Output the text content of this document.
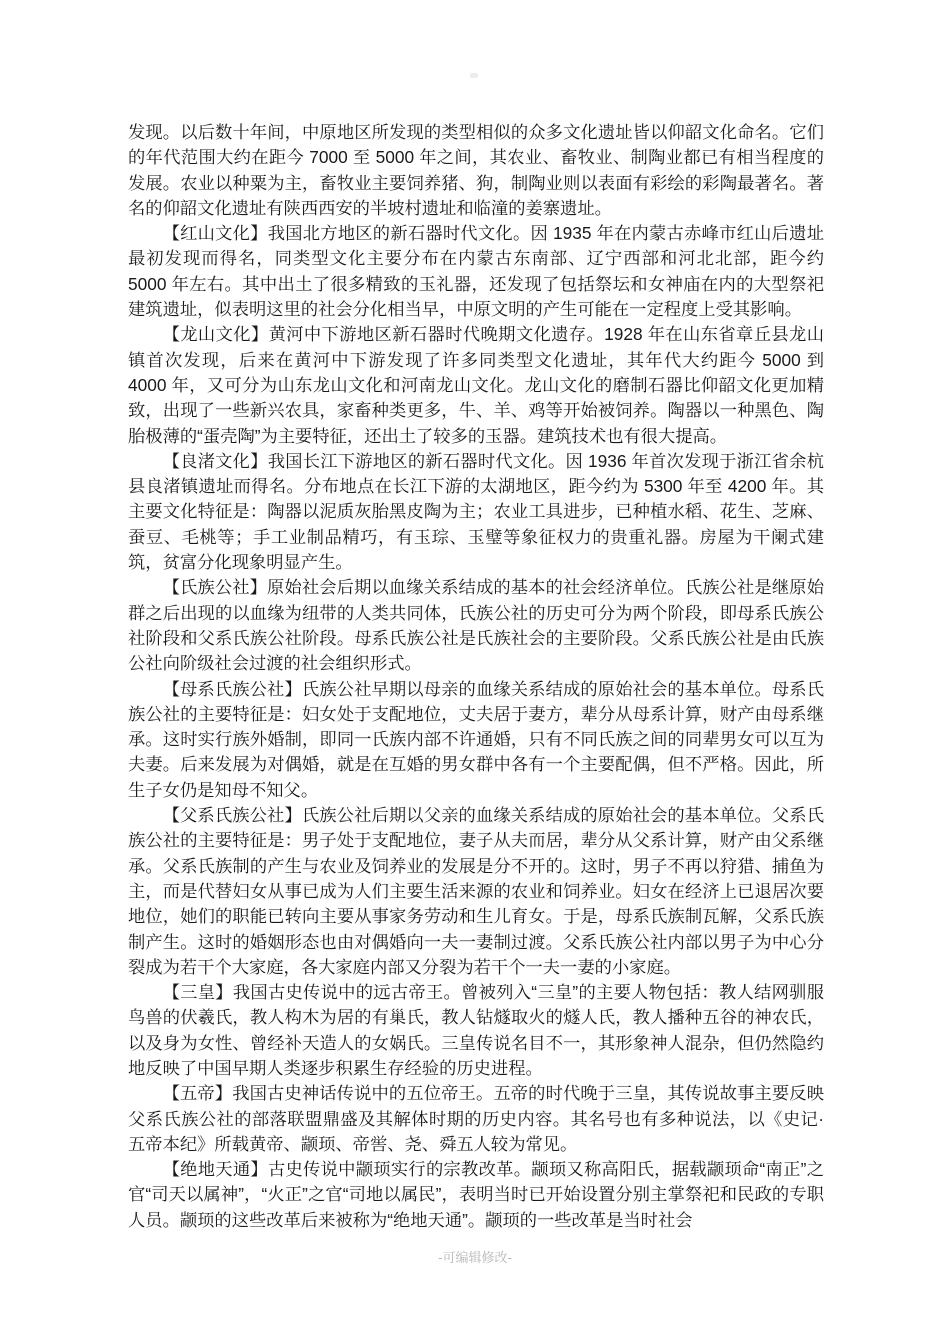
发现。以后数十年间，中原地区所发现的类型相似的众多文化遗址皆以仰韶文化命名。它们的年代范围大约在距今 7000 至 5000 年之间，其农业、畜牧业、制陶业都已有相当程度的发展。农业以种粟为主，畜牧业主要饲养猪、狗，制陶业则以表面有彩绘的彩陶最著名。著名的仰韶文化遗址有陕西西安的半坡村遗址和临潼的姜寨遗址。

【红山文化】我国北方地区的新石器时代文化。因 1935 年在内蒙古赤峰市红山后遗址最初发现而得名，同类型文化主要分布在内蒙古东南部、辽宁西部和河北北部，距今约 5000 年左右。其中出土了很多精致的玉礼器，还发现了包括祭坛和女神庙在内的大型祭祀建筑遗址，似表明这里的社会分化相当早，中原文明的产生可能在一定程度上受其影响。

【龙山文化】黄河中下游地区新石器时代晚期文化遗存。1928 年在山东省章丘县龙山镇首次发现，后来在黄河中下游发现了许多同类型文化遗址，其年代大约距今 5000 到 4000 年，又可分为山东龙山文化和河南龙山文化。龙山文化的磨制石器比仰韶文化更加精致，出现了一些新兴农具，家畜种类更多，牛、羊、鸡等开始被饲养。陶器以一种黑色、陶胎极薄的“蛋壳陶”为主要特征，还出土了较多的玉器。建筑技术也有很大提高。

【良渚文化】我国长江下游地区的新石器时代文化。因 1936 年首次发现于浙江省余杭县良渚镇遗址而得名。分布地点在长江下游的太湖地区，距今约为 5300 年至 4200 年。其主要文化特征是：陶器以泥质灰胎黑皮陶为主；农业工具进步，已种植水稻、花生、芝麻、蚕豆、毛桃等；手工业制品精巧，有玉琮、玉璧等象征权力的贵重礼器。房屋为干阑式建筑，贫富分化现象明显产生。

【氏族公社】原始社会后期以血缘关系结成的基本的社会经济单位。氏族公社是继原始群之后出现的以血缘为纽带的人类共同体，氏族公社的历史可分为两个阶段，即母系氏族公社阶段和父系氏族公社阶段。母系氏族公社是氏族社会的主要阶段。父系氏族公社是由氏族公社向阶级社会过渡的社会组织形式。

【母系氏族公社】氏族公社早期以母亲的血缘关系结成的原始社会的基本单位。母系氏族公社的主要特征是：妇女处于支配地位，丈夫居于妻方，辈分从母系计算，财产由母系继承。这时实行族外婚制，即同一氏族内部不许通婚，只有不同氏族之间的同辈男女可以互为夫妻。后来发展为对偶婚，就是在互婚的男女群中各有一个主要配偶，但不严格。因此，所生子女仍是知母不知父。

【父系氏族公社】氏族公社后期以父亲的血缘关系结成的原始社会的基本单位。父系氏族公社的主要特征是：男子处于支配地位，妻子从夫而居，辈分从父系计算，财产由父系继承。父系氏族制的产生与农业及饲养业的发展是分不开的。这时，男子不再以狩猎、捕鱼为主，而是代替妇女从事已成为人们主要生活来源的农业和饲养业。妇女在经济上已退居次要地位，她们的职能已转向主要从事家务劳动和生儿育女。于是，母系氏族制瓦解，父系氏族制产生。这时的婚姻形态也由对偶婚向一夫一妻制过渡。父系氏族公社内部以男子为中心分裂成为若干个大家庭，各大家庭内部又分裂为若干个一夫一妻的小家庭。

【三皇】我国古史传说中的远古帝王。曾被列入“三皇”的主要人物包括：教人结网驯服鸟兽的伏羲氏，教人构木为居的有巢氏，教人钻燧取火的燧人氏，教人播种五谷的神农氏，以及身为女性、曾经补天造人的女娲氏。三皇传说名目不一，其形象神人混杂，但仍然隐约地反映了中国早期人类逐步积累生存经验的历史进程。

【五帝】我国古史神话传说中的五位帝王。五帝的时代晚于三皇，其传说故事主要反映父系氏族公社的部落联盟鼎盛及其解体时期的历史内容。其名号也有多种说法，以《史记·五帝本纪》所载黄帝、颛顼、帝喾、尧、舜五人较为常见。

【绝地天通】古史传说中颛顼实行的宗教改革。颛顼又称高阳氏，据载颛顼命“南正”之官“司天以属神”，“火正”之官“司地以属民”，表明当时已开始设置分别主掌祭祀和民政的专职人员。颛顼的这些改革后来被称为“绝地天通”。颛顼的一些改革是当时社会

-可编辑修改-
